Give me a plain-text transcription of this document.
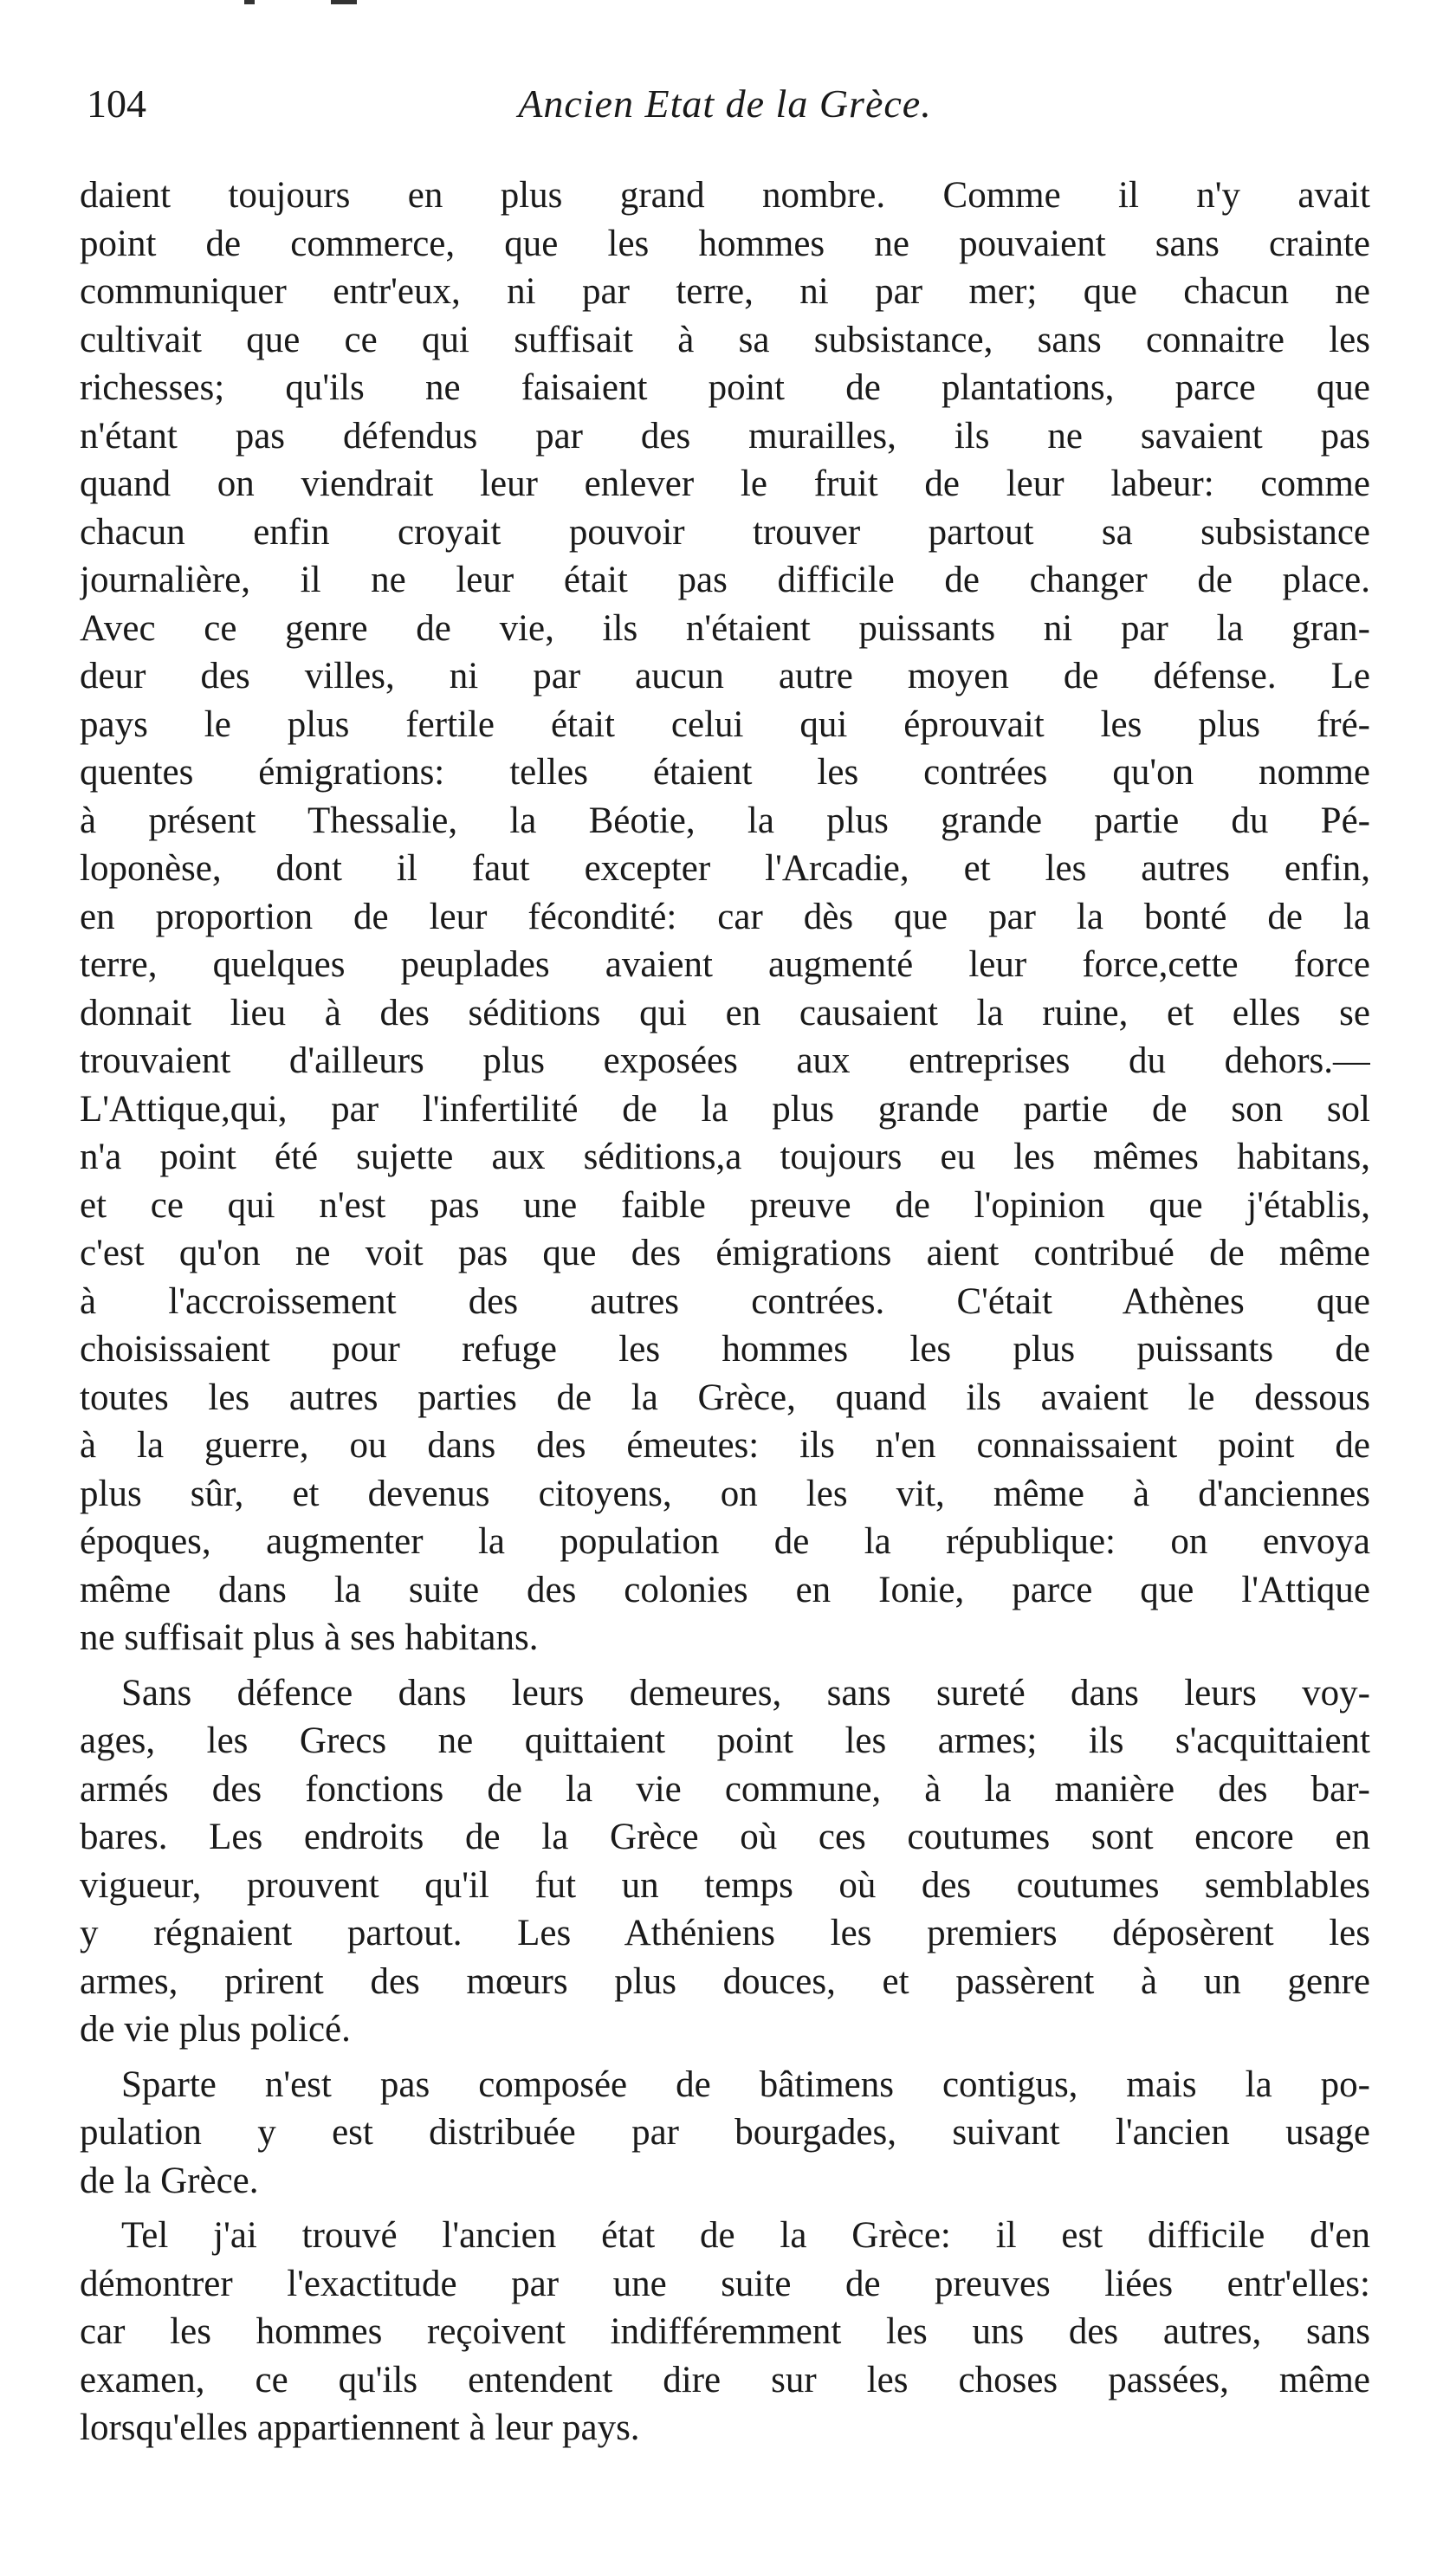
104	Ancien Etat de la Grèce.
daient toujours en plus grand nombre. Comme il n'y avait
point de commerce, que les hommes ne pouvaient sans crainte
communiquer entr'eux, ni par terre, ni par mer; que chacun ne
cultivait que ce qui suffisait à sa subsistance, sans connaitre les
richesses; qu'ils ne faisaient point de plantations, parce que
n'étant pas défendus par des murailles, ils ne savaient pas
quand on viendrait leur enlever le fruit de leur labeur: comme
chacun enfin croyait pouvoir trouver partout sa subsistance
journalière, il ne leur était pas difficile de changer de place.
Avec ce genre de vie, ils n'étaient puissants ni par la gran-
deur des villes, ni par aucun autre moyen de défense. Le
pays le plus fertile était celui qui éprouvait les plus fré-
quentes émigrations: telles étaient les contrées qu'on nomme
à présent Thessalie, la Béotie, la plus grande partie du Pé-
loponèse, dont il faut excepter l'Arcadie, et les autres enfin,
en proportion de leur fécondité: car dès que par la bonté de la
terre, quelques peuplades avaient augmenté leur force,cette force
donnait lieu à des séditions qui en causaient la ruine, et elles se
trouvaient d'ailleurs plus exposées aux entreprises du dehors.—
L'Attique,qui, par l'infertilité de la plus grande partie de son sol
n'a point été sujette aux séditions,a toujours eu les mêmes habitans,
et ce qui n'est pas une faible preuve de l'opinion que j'établis,
c'est qu'on ne voit pas que des émigrations aient contribué de même
à l'accroissement des autres contrées. C'était Athènes que
choisissaient pour refuge les hommes les plus puissants de
toutes les autres parties de la Grèce, quand ils avaient le dessous
à la guerre, ou dans des émeutes: ils n'en connaissaient point de
plus sûr, et devenus citoyens, on les vit, même à d'anciennes
époques, augmenter la population de la république: on envoya
même dans la suite des colonies en Ionie, parce que l'Attique
ne suffisait plus à ses habitans.
Sans défence dans leurs demeures, sans sureté dans leurs voy-
ages, les Grecs ne quittaient point les armes; ils s'acquittaient
armés des fonctions de la vie commune, à la manière des bar-
bares. Les endroits de la Grèce où ces coutumes sont encore en
vigueur, prouvent qu'il fut un temps où des coutumes semblables
y régnaient partout. Les Athéniens les premiers déposèrent les
armes, prirent des mœurs plus douces, et passèrent à un genre
de vie plus policé.
Sparte n'est pas composée de bâtimens contigus, mais la po-
pulation y est distribuée par bourgades, suivant l'ancien usage
de la Grèce.
Tel j'ai trouvé l'ancien état de la Grèce: il est difficile d'en
démontrer l'exactitude par une suite de preuves liées entr'elles:
car les hommes reçoivent indifféremment les uns des autres, sans
examen, ce qu'ils entendent dire sur les choses passées, même
lorsqu'elles appartiennent à leur pays.
